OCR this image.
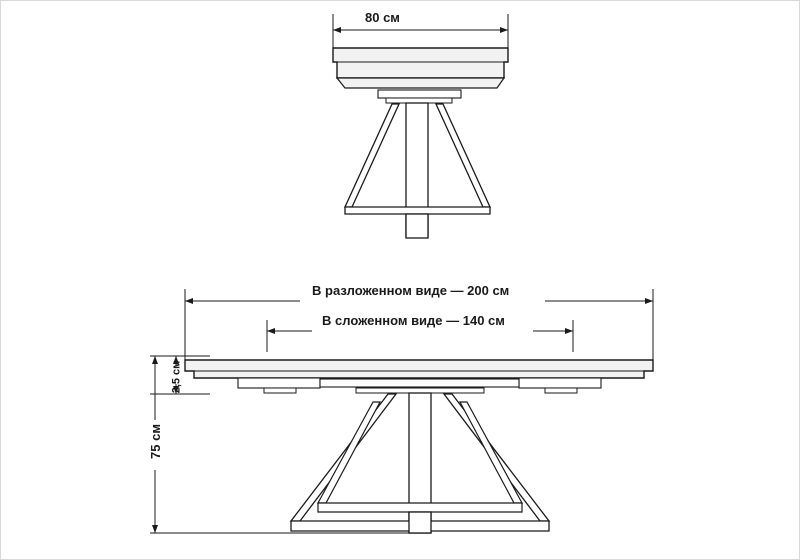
80 см
В разложенном виде — 200 см
В сложенном виде — 140 см
2,5 см
75 см
